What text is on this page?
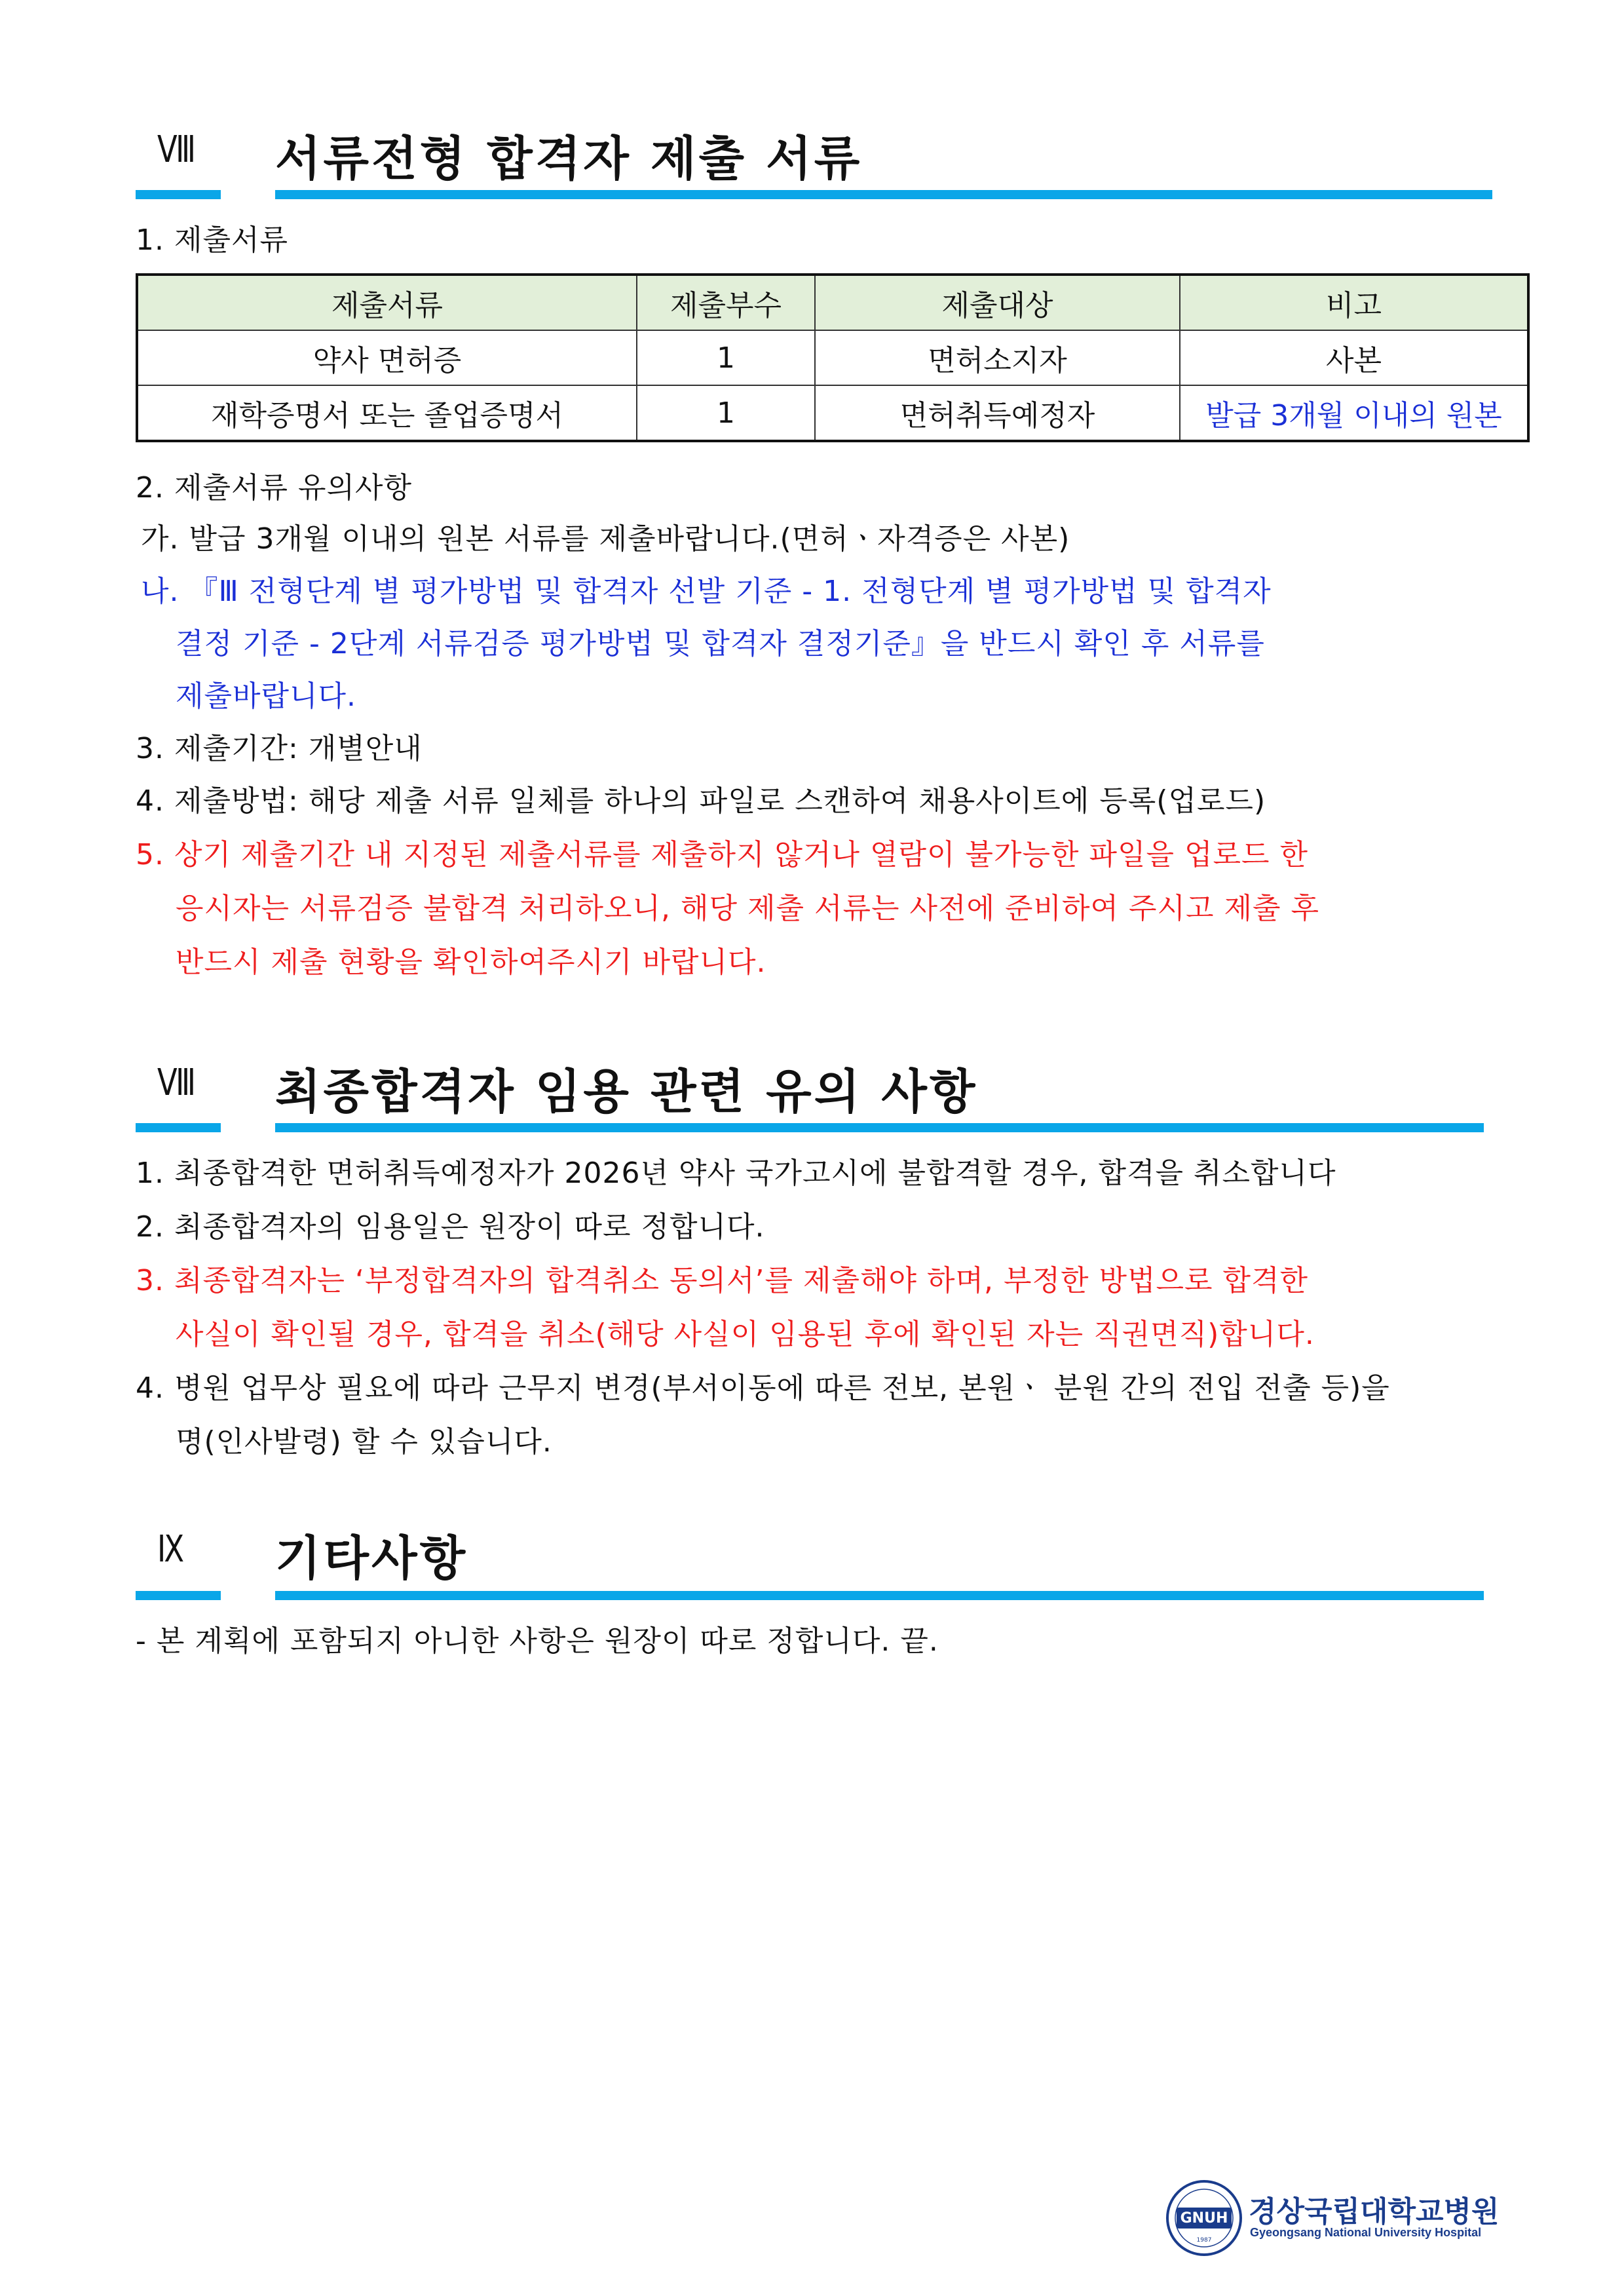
Ⅷ 서류전형 합격자 제출 서류
1. 제출서류
제출서류	제출부수	제출대상	비고
약사 면허증	1	면허소지자	사본
재학증명서 또는 졸업증명서	1	면허취득예정자	발급 3개월 이내의 원본
2. 제출서류 유의사항
가. 발급 3개월 이내의 원본 서류를 제출바랍니다.(면허ㆍ자격증은 사본)
나. 『Ⅲ 전형단계 별 평가방법 및 합격자 선발 기준 - 1. 전형단계 별 평가방법 및 합격자
결정 기준 - 2단계 서류검증 평가방법 및 합격자 결정기준』을 반드시 확인 후 서류를
제출바랍니다.
3. 제출기간: 개별안내
4. 제출방법: 해당 제출 서류 일체를 하나의 파일로 스캔하여 채용사이트에 등록(업로드)
5. 상기 제출기간 내 지정된 제출서류를 제출하지 않거나 열람이 불가능한 파일을 업로드 한
응시자는 서류검증 불합격 처리하오니, 해당 제출 서류는 사전에 준비하여 주시고 제출 후
반드시 제출 현황을 확인하여주시기 바랍니다.
Ⅷ 최종합격자 임용 관련 유의 사항
1. 최종합격한 면허취득예정자가 2026년 약사 국가고시에 불합격할 경우, 합격을 취소합니다
2. 최종합격자의 임용일은 원장이 따로 정합니다.
3. 최종합격자는 ‘부정합격자의 합격취소 동의서’를 제출해야 하며, 부정한 방법으로 합격한
사실이 확인될 경우, 합격을 취소(해당 사실이 임용된 후에 확인된 자는 직권면직)합니다.
4. 병원 업무상 필요에 따라 근무지 변경(부서이동에 따른 전보, 본원ㆍ 분원 간의 전입 전출 등)을
명(인사발령) 할 수 있습니다.
Ⅸ 기타사항
- 본 계획에 포함되지 아니한 사항은 원장이 따로 정합니다. 끝.
GNUH
1987
경상국립대학교병원
Gyeongsang National University Hospital
